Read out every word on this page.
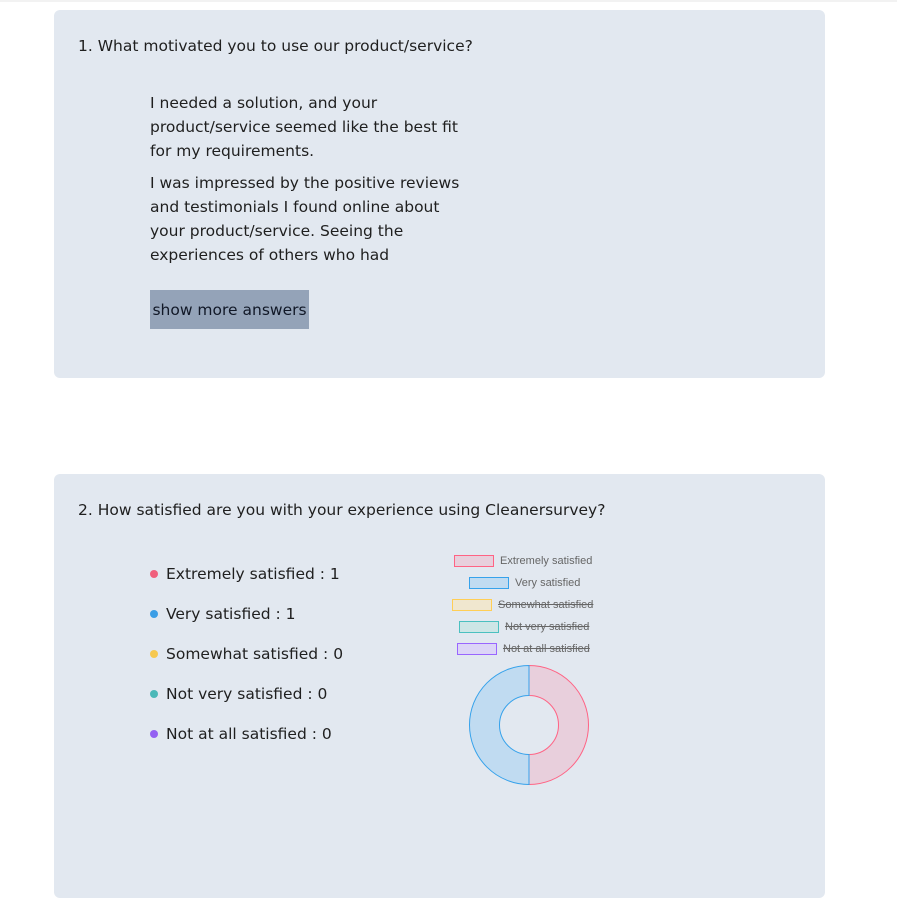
1. What motivated you to use our product/service?
I needed a solution, and your product/service seemed like the best fit for my requirements.
I was impressed by the positive reviews and testimonials I found online about your product/service. Seeing the experiences of others who had
show more answers
2. How satisfied are you with your experience using Cleanersurvey?
Extremely satisfied : 1
Very satisfied : 1
Somewhat satisfied : 0
Not very satisfied : 0
Not at all satisfied : 0
Extremely satisfied
Very satisfied
Somewhat satisfied
Not very satisfied
Not at all satisfied
